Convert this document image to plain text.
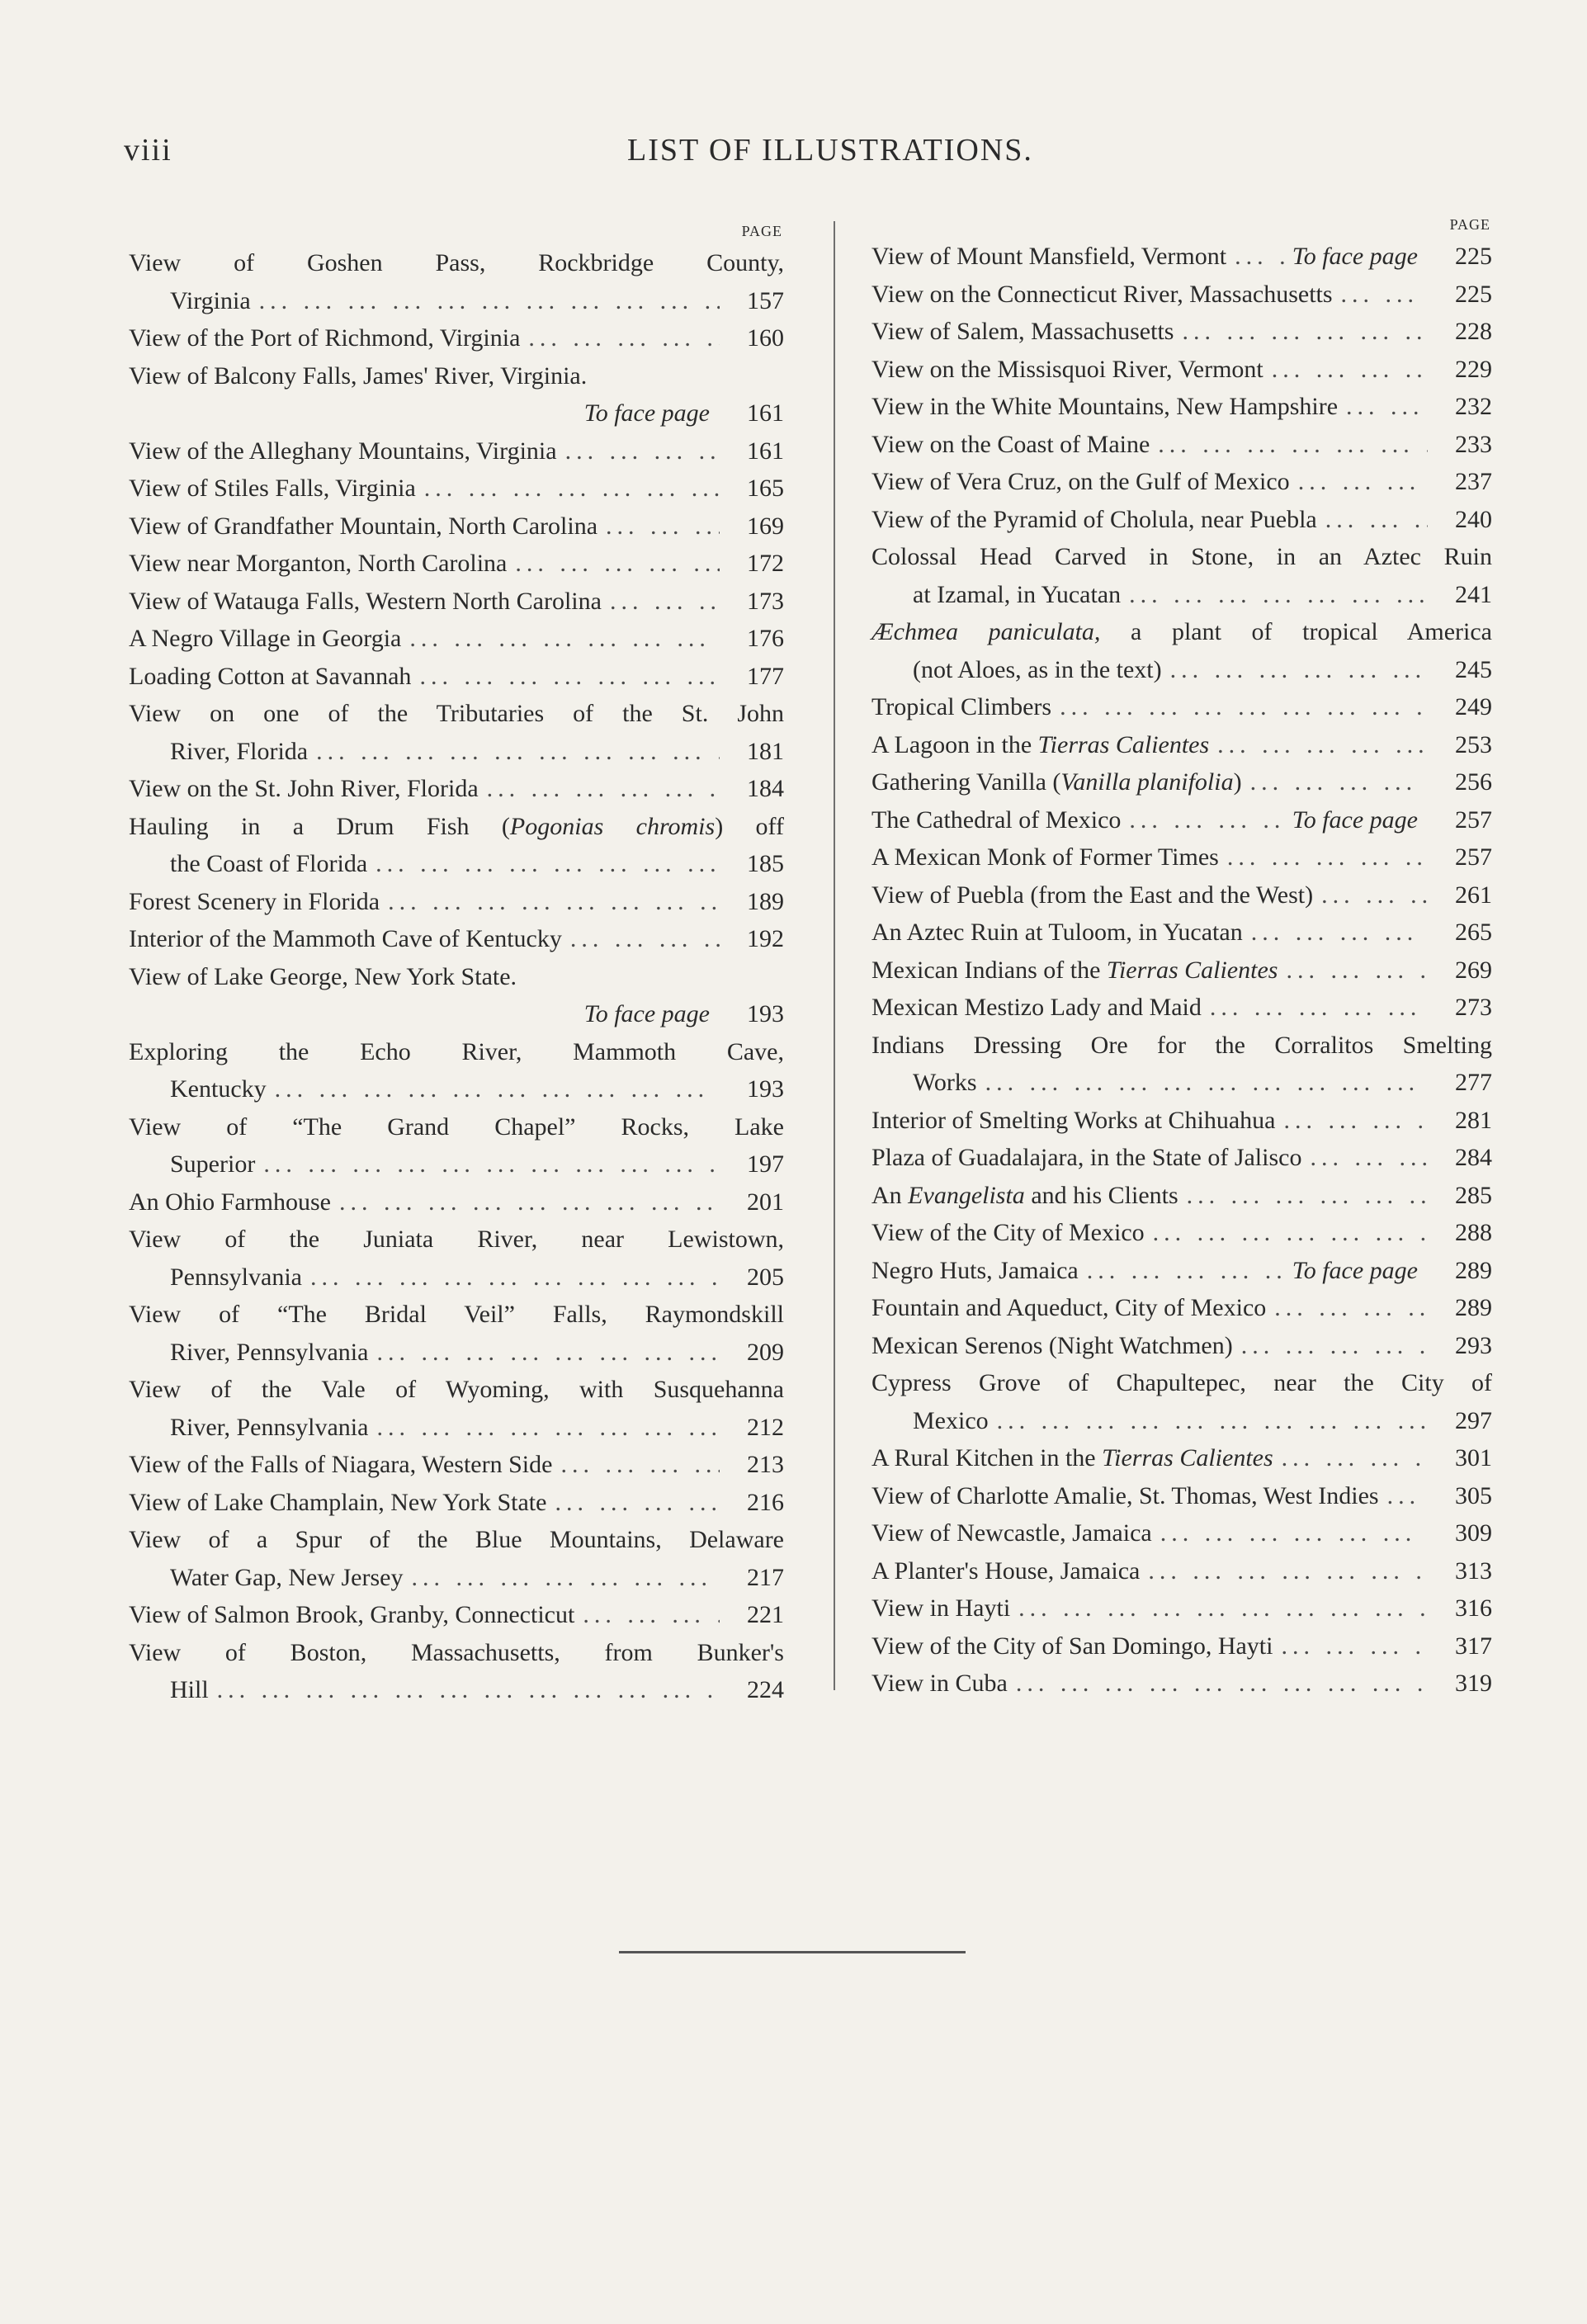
viii	LIST OF ILLUSTRATIONS.
PAGE
View of Goshen Pass, Rockbridge County,
Virginia ... .	157
View of the Port of Richmond, Virginia ... .	160
View of Balcony Falls, James' River, Virginia.
To face page	161
View of the Alleghany Mountains, Virginia ... .	161
View of Stiles Falls, Virginia ... .	165
View of Grandfather Mountain, North Carolina ... .	169
View near Morganton, North Carolina ... .	172
View of Watauga Falls, Western North Carolina ... .	173
A Negro Village in Georgia ... .	176
Loading Cotton at Savannah ... .	177
View on one of the Tributaries of the St. John
River, Florida ... .	181
View on the St. John River, Florida ... .	184
Hauling in a Drum Fish (Pogonias chromis) off
the Coast of Florida ... .	185
Forest Scenery in Florida ... .	189
Interior of the Mammoth Cave of Kentucky ... .	192
View of Lake George, New York State.
To face page	193
Exploring the Echo River, Mammoth Cave,
Kentucky ... .	193
View of “The Grand Chapel” Rocks, Lake
Superior ... .	197
An Ohio Farmhouse ... .	201
View of the Juniata River, near Lewistown,
Pennsylvania ... .	205
View of “The Bridal Veil” Falls, Raymondskill
River, Pennsylvania ... .	209
View of the Vale of Wyoming, with Susquehanna
River, Pennsylvania ... .	212
View of the Falls of Niagara, Western Side ... .	213
View of Lake Champlain, New York State ... .	216
View of a Spur of the Blue Mountains, Delaware
Water Gap, New Jersey ... .	217
View of Salmon Brook, Granby, Connecticut ... .	221
View of Boston, Massachusetts, from Bunker's
Hill ... .	224
PAGE
View of Mount Mansfield, Vermont ... .	To face page	225
View on the Connecticut River, Massachusetts ... .	225
View of Salem, Massachusetts ... .	228
View on the Missisquoi River, Vermont ... .	229
View in the White Mountains, New Hampshire ... .	232
View on the Coast of Maine ... .	233
View of Vera Cruz, on the Gulf of Mexico ... .	237
View of the Pyramid of Cholula, near Puebla ... .	240
Colossal Head Carved in Stone, in an Aztec Ruin
at Izamal, in Yucatan ... .	241
Æchmea paniculata, a plant of tropical America
(not Aloes, as in the text) ... .	245
Tropical Climbers ... .	249
A Lagoon in the Tierras Calientes ... .	253
Gathering Vanilla (Vanilla planifolia) ... .	256
The Cathedral of Mexico ... .	To face page	257
A Mexican Monk of Former Times ... .	257
View of Puebla (from the East and the West) ... .	261
An Aztec Ruin at Tuloom, in Yucatan ... .	265
Mexican Indians of the Tierras Calientes ... .	269
Mexican Mestizo Lady and Maid ... .	273
Indians Dressing Ore for the Corralitos Smelting
Works ... .	277
Interior of Smelting Works at Chihuahua ... .	281
Plaza of Guadalajara, in the State of Jalisco ... .	284
An Evangelista and his Clients ... .	285
View of the City of Mexico ... .	288
Negro Huts, Jamaica ... .	To face page	289
Fountain and Aqueduct, City of Mexico ... .	289
Mexican Serenos (Night Watchmen) ... .	293
Cypress Grove of Chapultepec, near the City of
Mexico ... .	297
A Rural Kitchen in the Tierras Calientes ... .	301
View of Charlotte Amalie, St. Thomas, West Indies ... .	305
View of Newcastle, Jamaica ... .	309
A Planter's House, Jamaica ... .	313
View in Hayti ... .	316
View of the City of San Domingo, Hayti ... .	317
View in Cuba ... .	319
